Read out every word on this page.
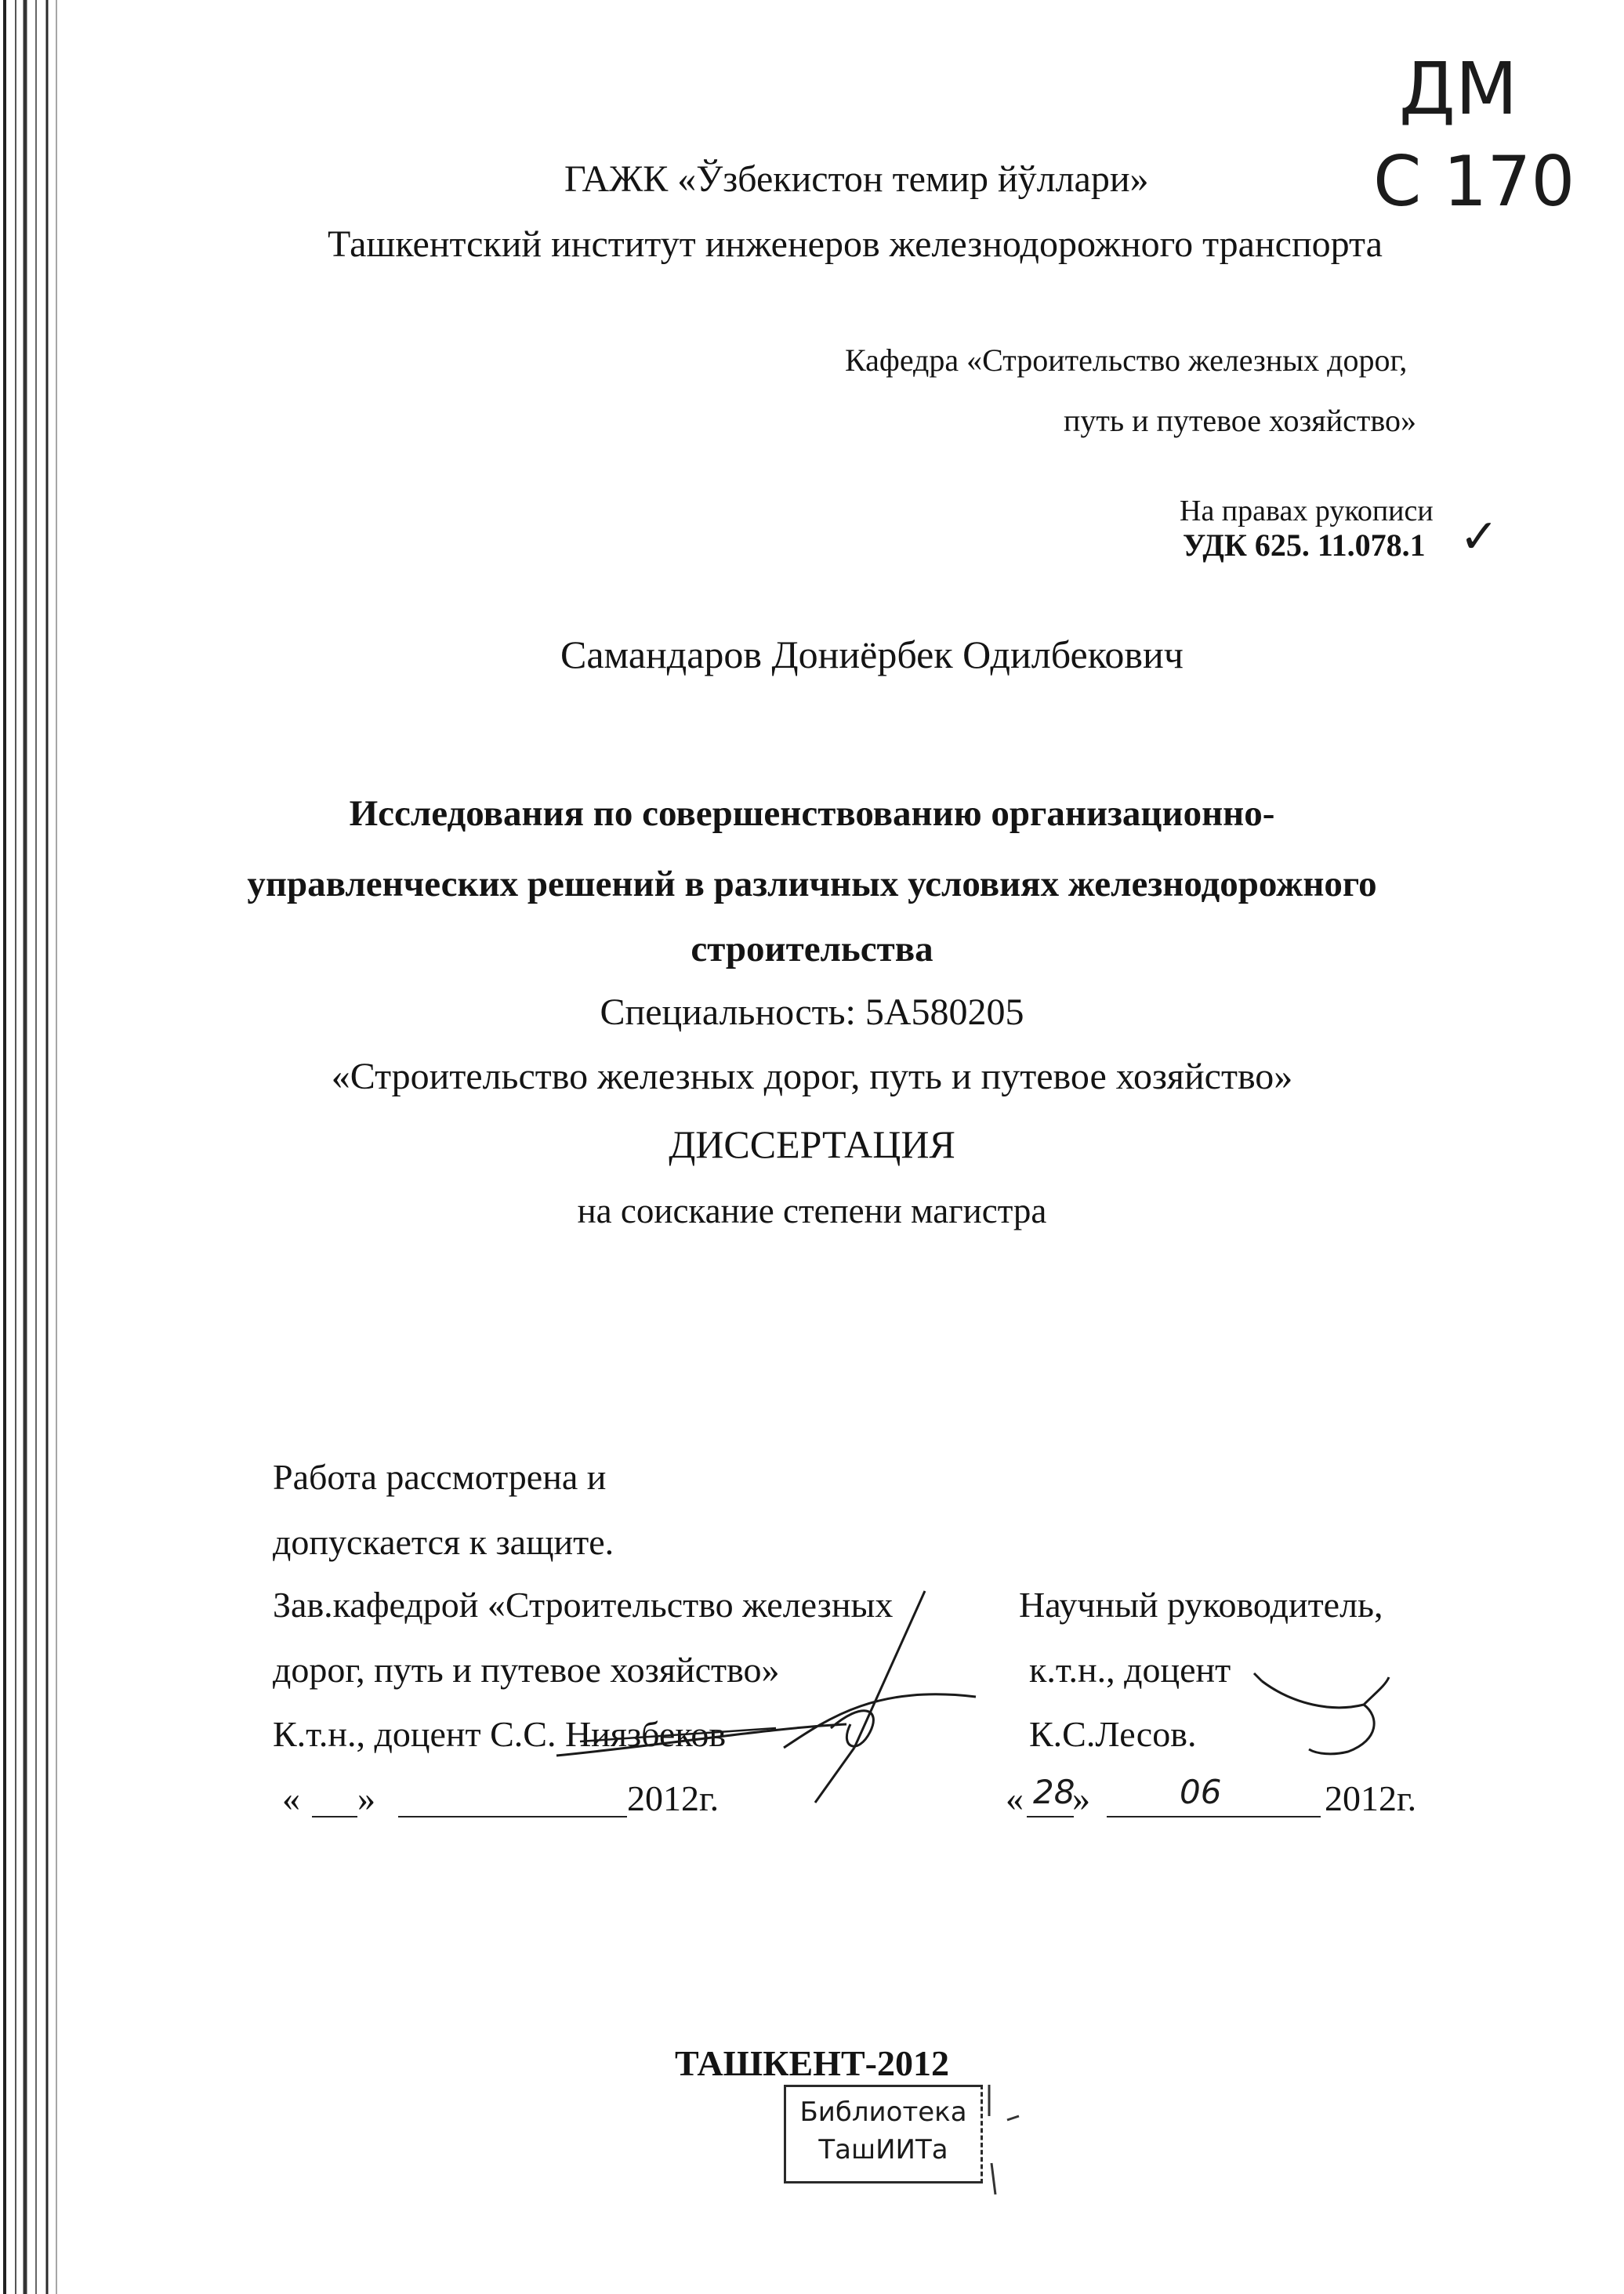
ГАЖК «Ўзбекистон темир йўллари»
Ташкентский институт инженеров железнодорожного транспорта
Кафедра «Строительство железных дорог,
путь и путевое хозяйство»
На правах рукописи
УДК 625. 11.078.1
ДМ
С 170
✓
Самандаров Дониёрбек Одилбекович
Исследования по совершенствованию организационно-
управленческих решений в различных условиях железнодорожного
строительства
Специальность: 5А580205
«Строительство железных дорог, путь и путевое хозяйство»
ДИССЕРТАЦИЯ
на соискание степени магистра
Работа рассмотрена и
допускается к защите.
Зав.кафедрой «Строительство железных
дорог, путь и путевое хозяйство»
К.т.н., доцент С.С. Ниязбеков
« »	2012г.
Научный руководитель,
к.т.н., доцент
К.С.Лесов.
« 28
»	06	2012г.
ТАШКЕНТ-2012
Библиотека
ТашИИТа
